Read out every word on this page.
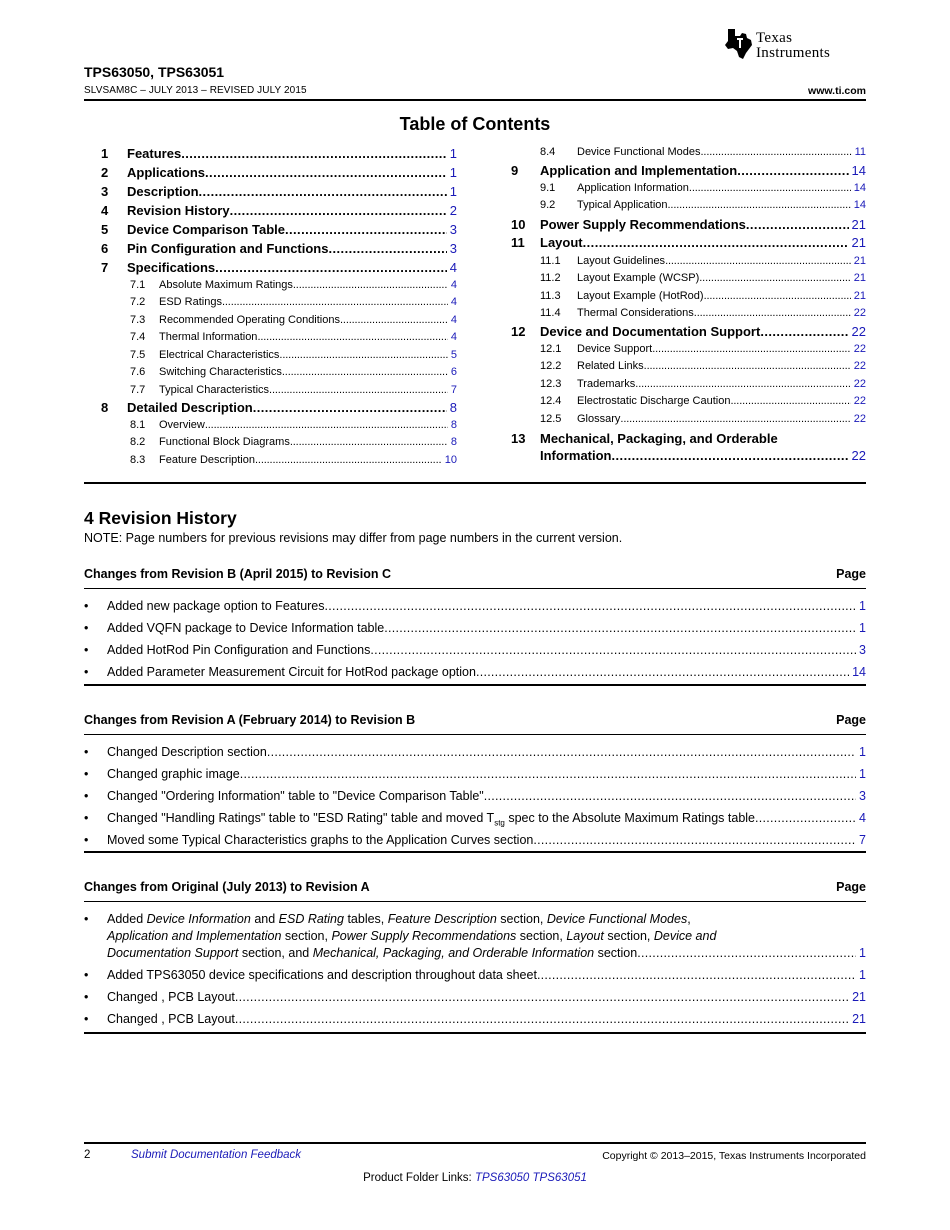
Texas
Instruments
TPS63050, TPS63051
SLVSAM8C – JULY 2013 – REVISED JULY 2015	www.ti.com
Table of Contents
1	Features . . .	1
2	Applications . . .	1
3	Description . . .	1
4	Revision History . . .	2
5	Device Comparison Table . . .	3
6	Pin Configuration and Functions . . .	3
7	Specifications . . .	4
7.1	Absolute Maximum Ratings . . .	4
7.2	ESD Ratings . . .	4
7.3	Recommended Operating Conditions . . .	4
7.4	Thermal Information . . .	4
7.5	Electrical Characteristics . . .	5
7.6	Switching Characteristics . . .	6
7.7	Typical Characteristics . . .	7
8	Detailed Description . . .	8
8.1	Overview . . .	8
8.2	Functional Block Diagrams . . .	8
8.3	Feature Description . . .	10
8.4	Device Functional Modes . . .	11
9	Application and Implementation . . .	14
9.1	Application Information . . .	14
9.2	Typical Application . . .	14
10	Power Supply Recommendations . . .	21
11	Layout . . .	21
11.1	Layout Guidelines . . .	21
11.2	Layout Example (WCSP) . . .	21
11.3	Layout Example (HotRod) . . .	21
11.4	Thermal Considerations . . .	22
12	Device and Documentation Support . . .	22
12.1	Device Support . . .	22
12.2	Related Links . . .	22
12.3	Trademarks . . .	22
12.4	Electrostatic Discharge Caution . . .	22
12.5	Glossary . . .	22
13	Mechanical, Packaging, and Orderable
Information . . .	22
4 Revision History
NOTE: Page numbers for previous revisions may differ from page numbers in the current version.
Changes from Revision B (April 2015) to Revision C	Page
• Added new package option to Features . . .	1
• Added VQFN package to Device Information table . . .	1
• Added HotRod Pin Configuration and Functions . . .	3
• Added Parameter Measurement Circuit for HotRod package option . . .	14
Changes from Revision A (February 2014) to Revision B	Page
• Changed Description section . . .	1
• Changed graphic image . . .	1
• Changed "Ordering Information" table to "Device Comparison Table" . . .	3
• Changed "Handling Ratings" table to "ESD Rating" table and moved $T_{stg}$ spec to the Absolute Maximum Ratings table . . .	4
• Moved some Typical Characteristics graphs to the Application Curves section . . .	7
Changes from Original (July 2013) to Revision A	Page
• Added Device Information and ESD Rating tables, Feature Description section, Device Functional Modes,
Application and Implementation section, Power Supply Recommendations section, Layout section, Device and
Documentation Support section, and Mechanical, Packaging, and Orderable Information section . . .	1
• Added TPS63050 device specifications and description throughout data sheet . . .	1
• Changed , PCB Layout . . .	21
• Changed , PCB Layout . . .	21
2	Submit Documentation Feedback	Copyright © 2013–2015, Texas Instruments Incorporated
Product Folder Links: TPS63050 TPS63051
